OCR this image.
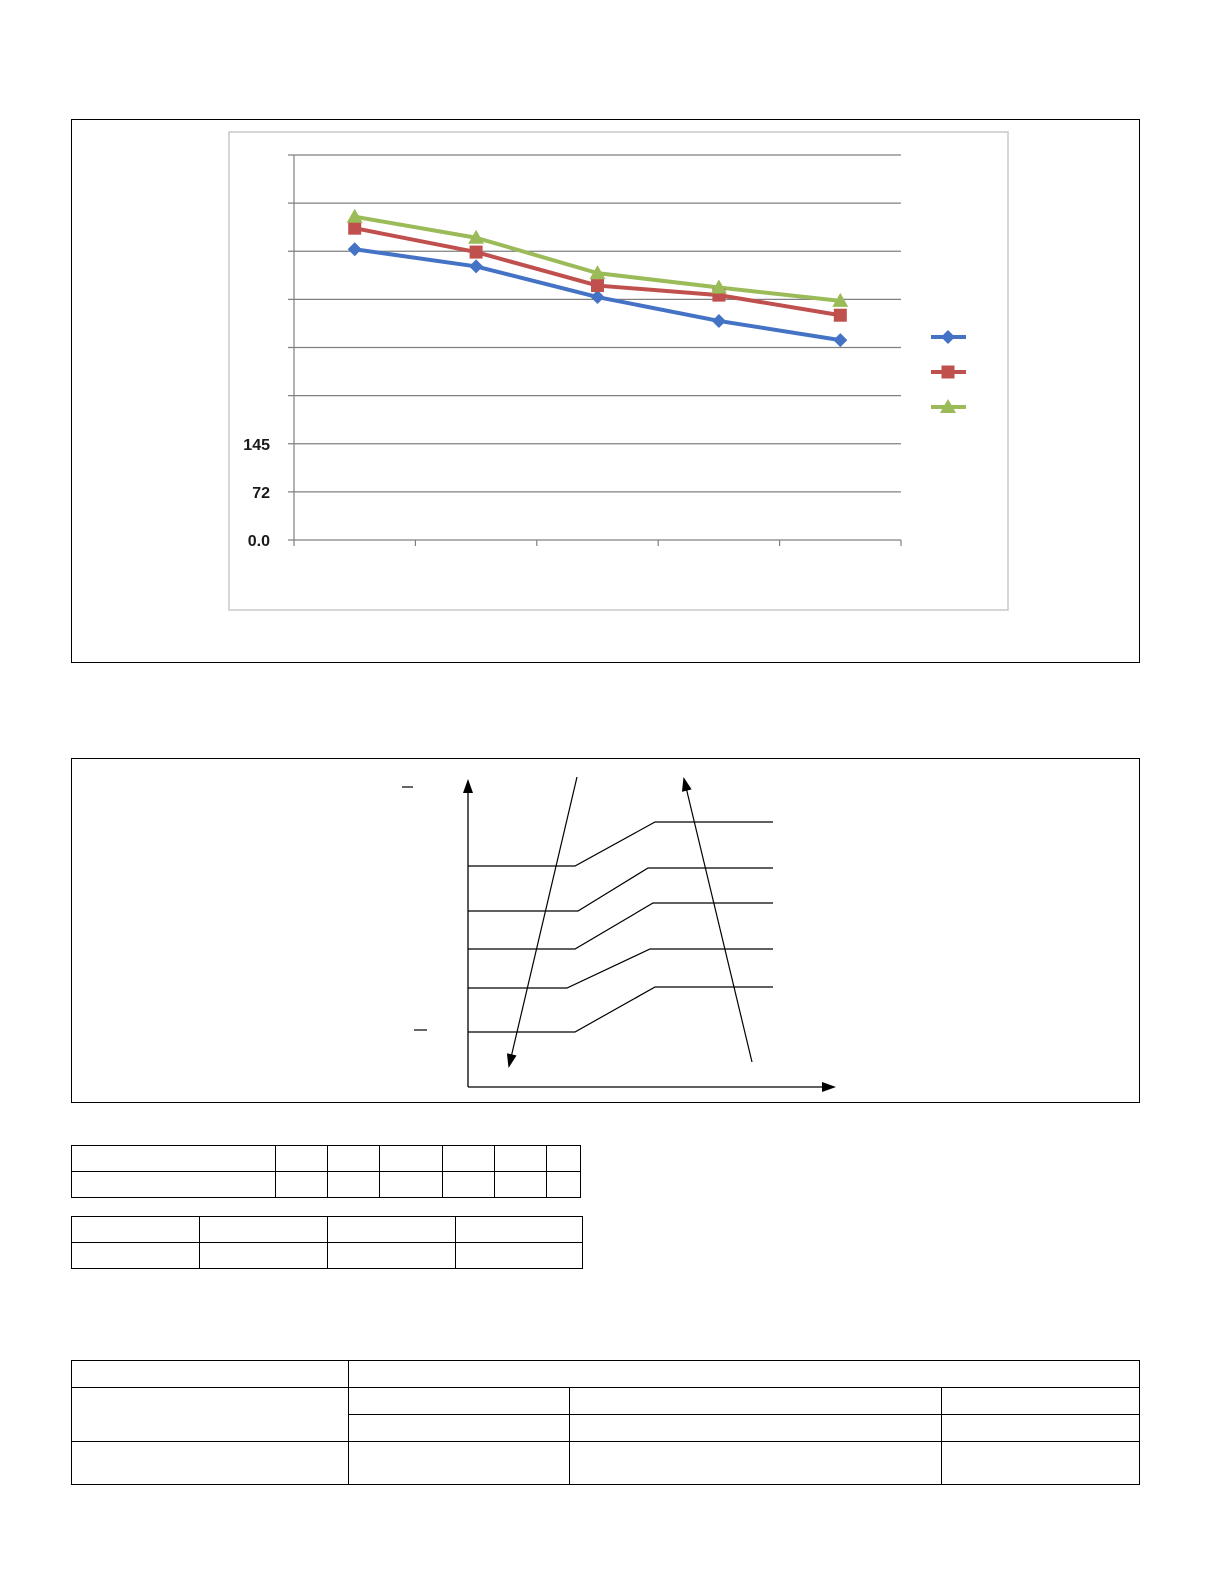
0.0
72
145
